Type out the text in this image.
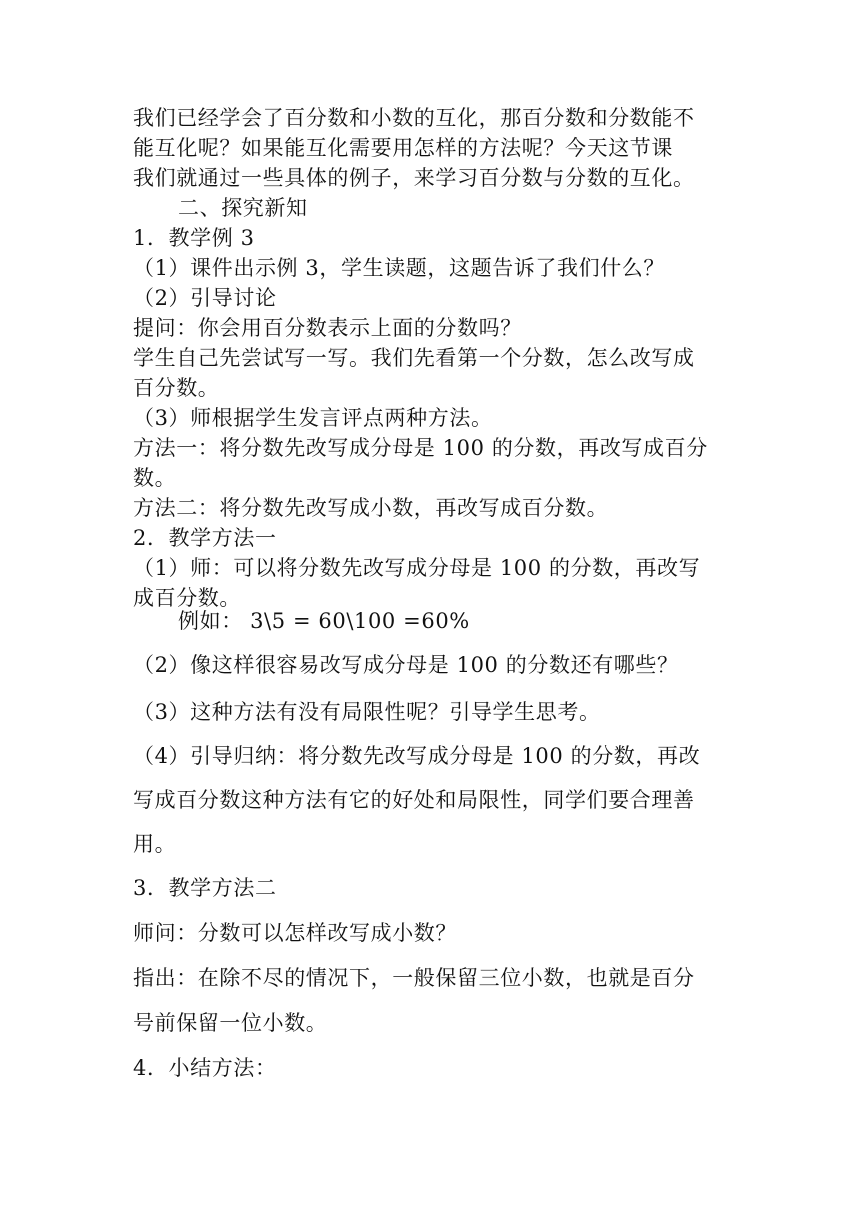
我们已经学会了百分数和小数的互化，那百分数和分数能不
能互化呢？如果能互化需要用怎样的方法呢？今天这节课
我们就通过一些具体的例子，来学习百分数与分数的互化。
二、探究新知
1．教学例 3
（1）课件出示例 3，学生读题，这题告诉了我们什么？
（2）引导讨论
提问：你会用百分数表示上面的分数吗？
学生自己先尝试写一写。我们先看第一个分数，怎么改写成
百分数。
（3）师根据学生发言评点两种方法。
方法一：将分数先改写成分母是 100 的分数，再改写成百分
数。
方法二：将分数先改写成小数，再改写成百分数。
2．教学方法一
（1）师：可以将分数先改写成分母是 100 的分数，再改写
成百分数。
例如： 3\5 = 60\100 =60%
（2）像这样很容易改写成分母是 100 的分数还有哪些？
（3）这种方法有没有局限性呢？引导学生思考。
（4）引导归纳：将分数先改写成分母是 100 的分数，再改
写成百分数这种方法有它的好处和局限性，同学们要合理善
用。
3．教学方法二
师问：分数可以怎样改写成小数？
指出：在除不尽的情况下，一般保留三位小数，也就是百分
号前保留一位小数。
4．小结方法：
